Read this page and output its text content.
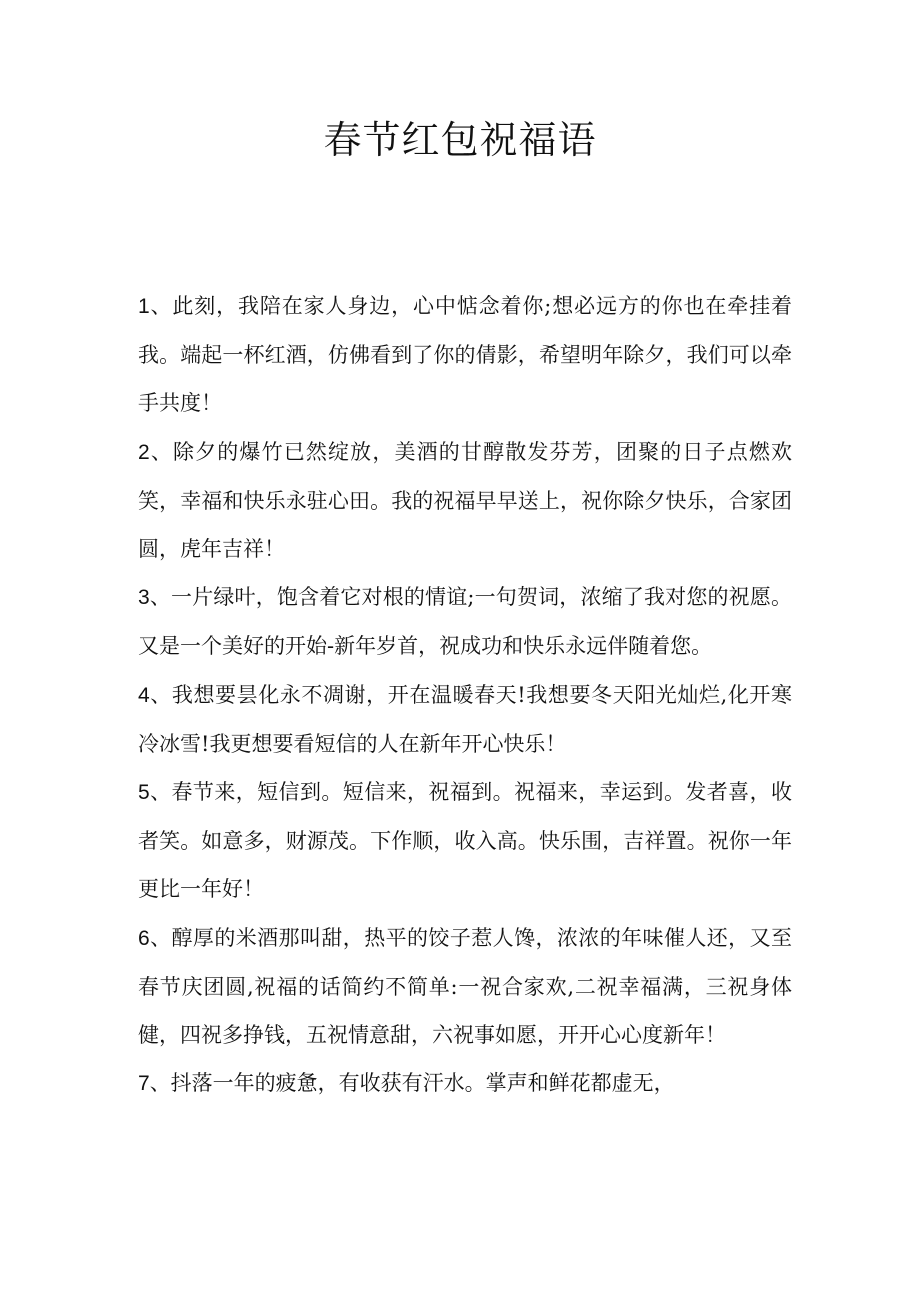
春节红包祝福语

1、此刻，我陪在家人身边，心中惦念着你;想必远方的你也在牵挂着我。端起一杯红酒，仿佛看到了你的倩影，希望明年除夕，我们可以牵手共度！

2、除夕的爆竹已然绽放，美酒的甘醇散发芬芳，团聚的日子点燃欢笑，幸福和快乐永驻心田。我的祝福早早送上，祝你除夕快乐，合家团圆，虎年吉祥！

3、一片绿叶，饱含着它对根的情谊;一句贺词，浓缩了我对您的祝愿。又是一个美好的开始-新年岁首，祝成功和快乐永远伴随着您。

4、我想要昙化永不凋谢，开在温暖春天!我想要冬天阳光灿烂,化开寒冷冰雪!我更想要看短信的人在新年开心快乐！

5、春节来，短信到。短信来，祝福到。祝福来，幸运到。发者喜，收者笑。如意多，财源茂。下作顺，收入高。快乐围，吉祥置。祝你一年更比一年好！

6、醇厚的米酒那叫甜，热平的饺子惹人馋，浓浓的年味催人还，又至春节庆团圆,祝福的话简约不简单:一祝合家欢,二祝幸福满，三祝身体健，四祝多挣钱，五祝情意甜，六祝事如愿，开开心心度新年！

7、抖落一年的疲惫，有收获有汗水。掌声和鲜花都虚无，
